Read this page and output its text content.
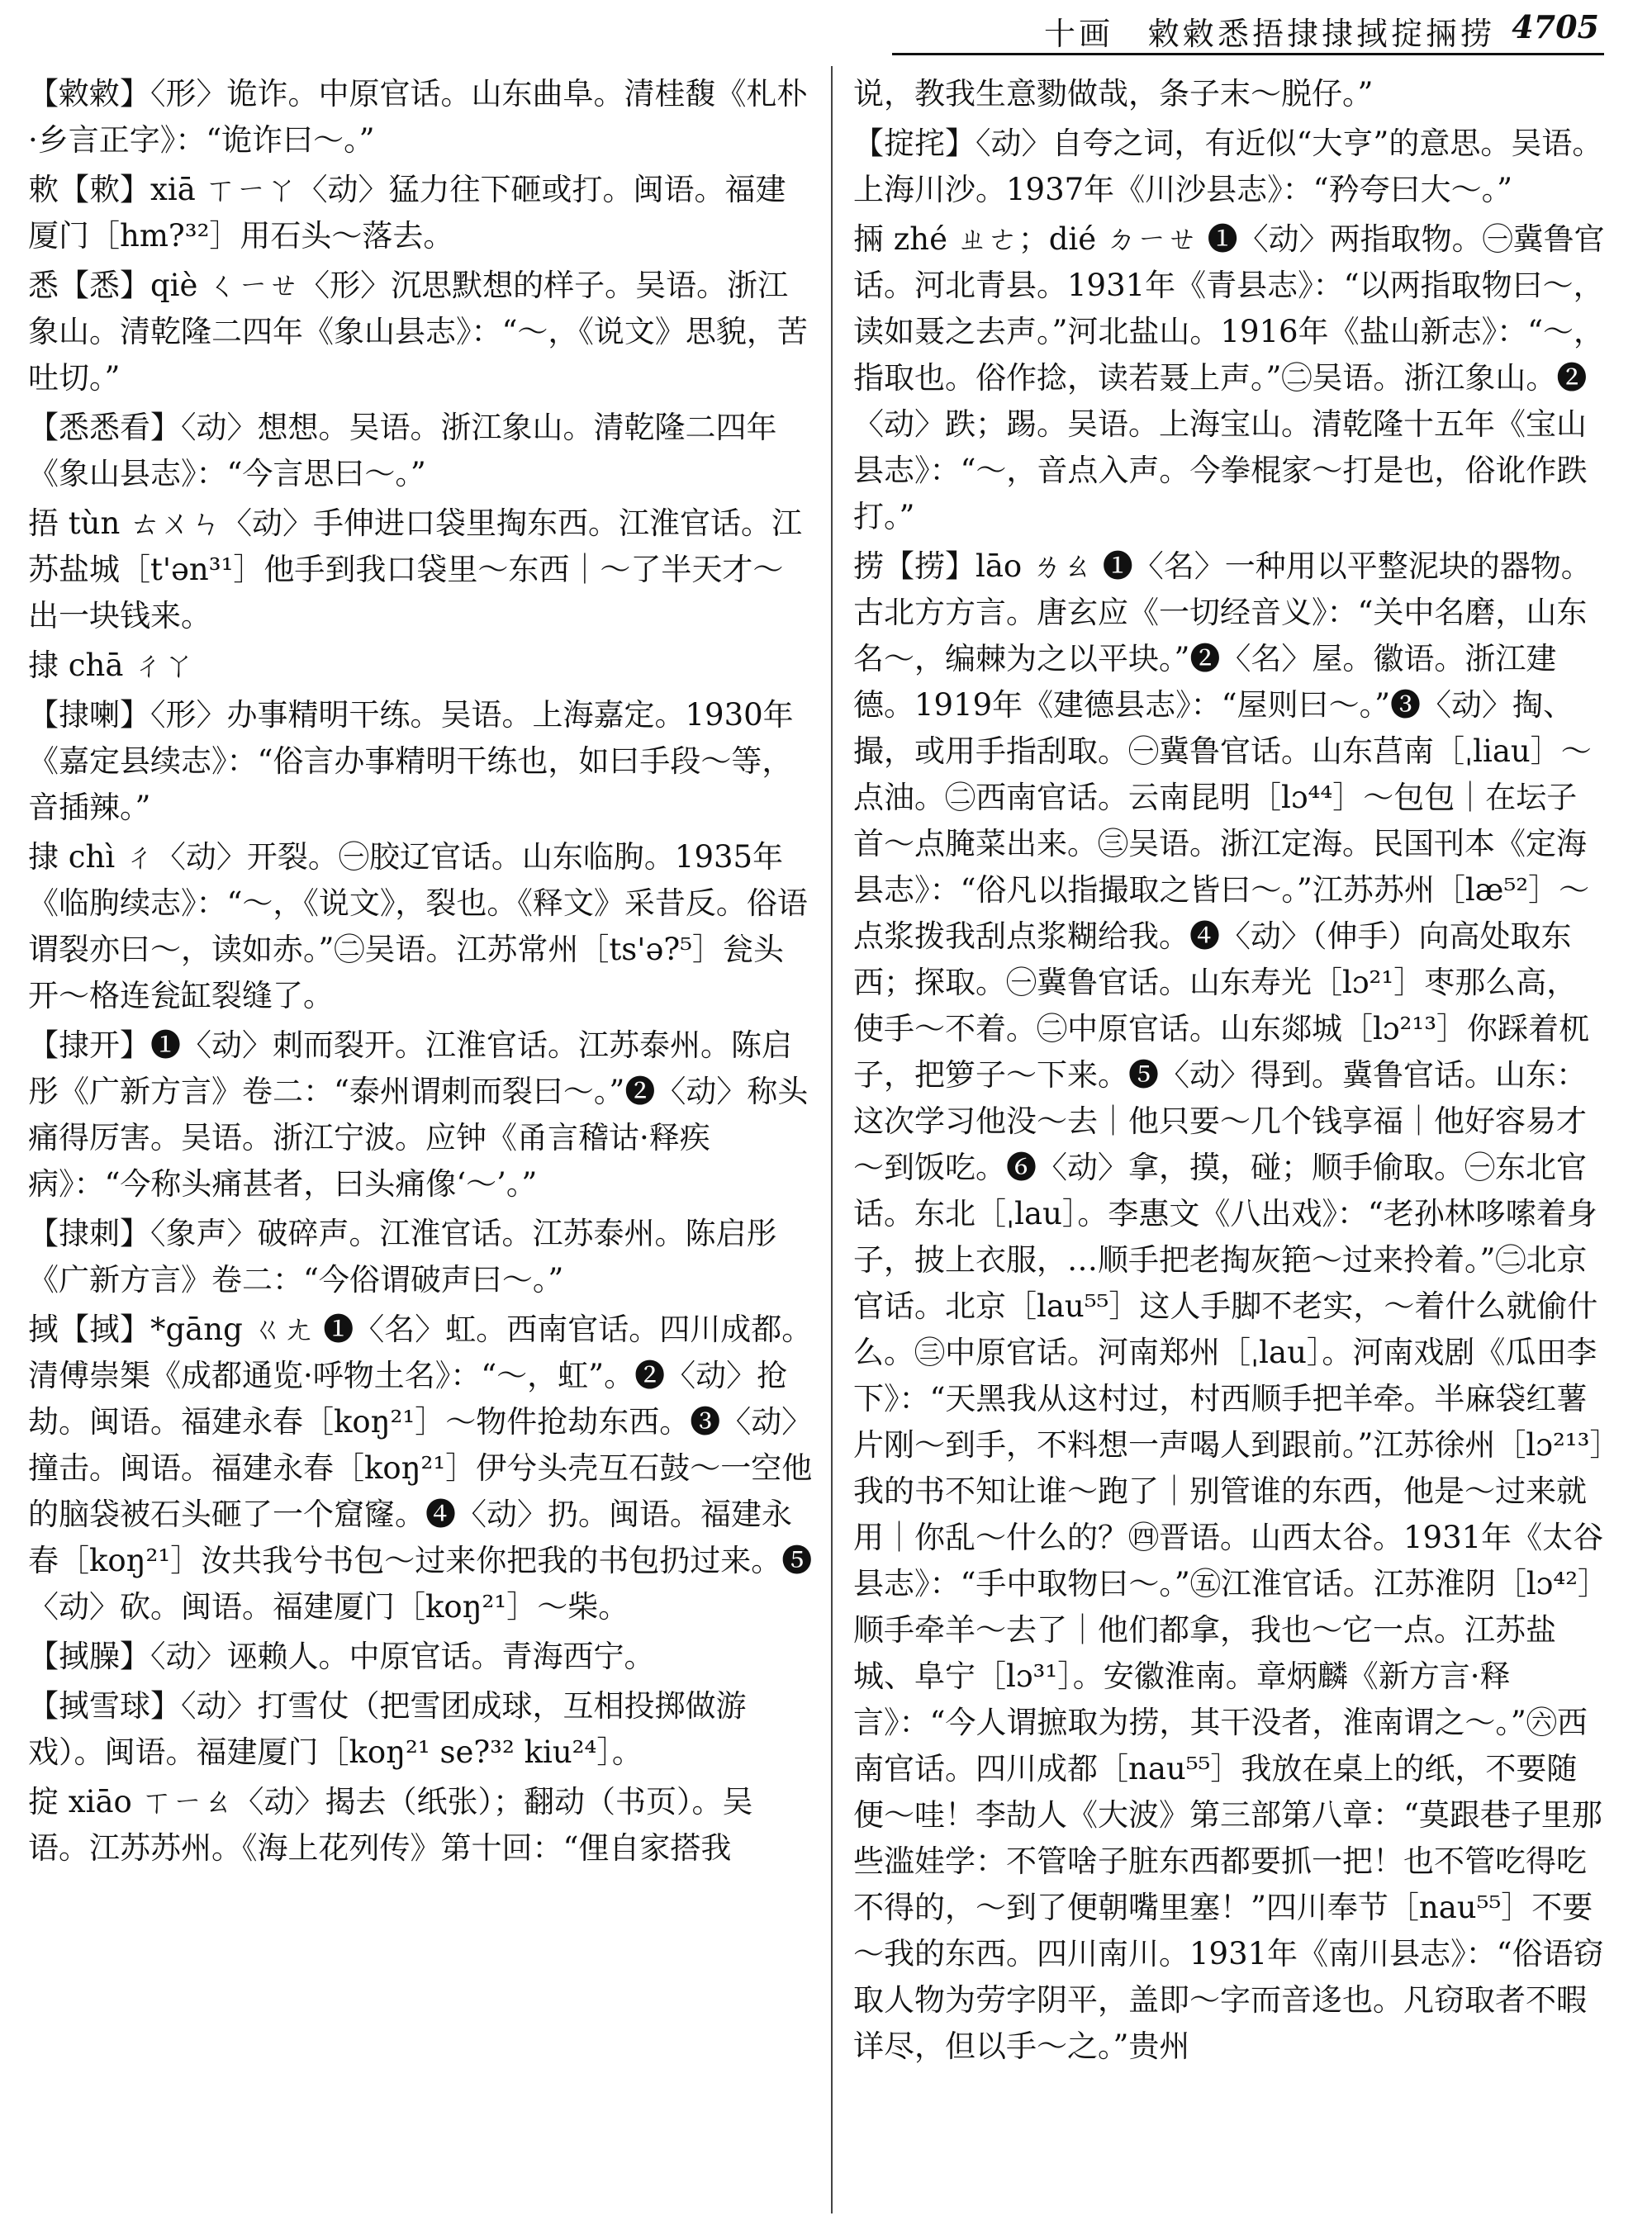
十画　敹敹悉捂捸捸掝掟掚捞 4705

【敹敹】〈形〉诡诈。中原官话。山东曲阜。清桂馥《札朴·乡言正字》：“诡诈曰～。”

欶【欶】xiā ㄒㄧㄚ〈动〉猛力往下砸或打。闽语。福建厦门［hm?³²］用石头～落去。

悉【悉】qiè ㄑㄧㄝ〈形〉沉思默想的样子。吴语。浙江象山。清乾隆二四年《象山县志》：“～，《说文》思貌，苦吐切。”

【悉悉看】〈动〉想想。吴语。浙江象山。清乾隆二四年《象山县志》：“今言思曰～。”

捂 tùn ㄊㄨㄣ〈动〉手伸进口袋里掏东西。江淮官话。江苏盐城［t'ən³¹］他手到我口袋里～东西｜～了半天才～出一块钱来。

捸 chā ㄔㄚ

【捸喇】〈形〉办事精明干练。吴语。上海嘉定。1930年《嘉定县续志》：“俗言办事精明干练也，如曰手段～等，音插辣。”

捸 chì ㄔ〈动〉开裂。㊀胶辽官话。山东临朐。1935年《临朐续志》：“～，《说文》，裂也。《释文》采昔反。俗语谓裂亦曰～，读如赤。”㊁吴语。江苏常州［ts'ə?⁵］瓮头开～格连瓮缸裂缝了。

【捸开】❶〈动〉刺而裂开。江淮官话。江苏泰州。陈启彤《广新方言》卷二：“泰州谓刺而裂曰～。”❷〈动〉称头痛得厉害。吴语。浙江宁波。应钟《甬言稽诂·释疾病》：“今称头痛甚者，曰头痛像‘～’。”

【捸刺】〈象声〉破碎声。江淮官话。江苏泰州。陈启彤《广新方言》卷二：“今俗谓破声曰～。”

掝【掝】*gāng ㄍㄤ ❶〈名〉虹。西南官话。四川成都。清傅崇榘《成都通览·呼物土名》：“～，虹”。❷〈动〉抢劫。闽语。福建永春［koŋ²¹］～物件抢劫东西。❸〈动〉撞击。闽语。福建永春［koŋ²¹］伊兮头壳互石鼓～一空他的脑袋被石头砸了一个窟窿。❹〈动〉扔。闽语。福建永春［koŋ²¹］汝共我兮书包～过来你把我的书包扔过来。❺〈动〉砍。闽语。福建厦门［koŋ²¹］～柴。

【掝臊】〈动〉诬赖人。中原官话。青海西宁。

【掝雪球】〈动〉打雪仗（把雪团成球，互相投掷做游戏）。闽语。福建厦门［koŋ²¹ se?³² kiu²⁴］。

掟 xiāo ㄒㄧㄠ〈动〉揭去（纸张）；翻动（书页）。吴语。江苏苏州。《海上花列传》第十回：“俚自家搭我

说，教我生意勠做哉，条子末～脱仔。”

【掟挓】〈动〉自夸之词，有近似“大亨”的意思。吴语。上海川沙。1937年《川沙县志》：“矜夸曰大～。”

掚 zhé ㄓㄜ；dié ㄉㄧㄝ ❶〈动〉两指取物。㊀冀鲁官话。河北青县。1931年《青县志》：“以两指取物曰～，读如聂之去声。”河北盐山。1916年《盐山新志》：“～，指取也。俗作捻，读若聂上声。”㊁吴语。浙江象山。❷〈动〉跌；踢。吴语。上海宝山。清乾隆十五年《宝山县志》：“～，音点入声。今拳棍家～打是也，俗讹作跌打。”

捞【捞】lāo ㄌㄠ ❶〈名〉一种用以平整泥块的器物。古北方方言。唐玄应《一切经音义》：“关中名磨，山东名～，编棘为之以平块。”❷〈名〉屋。徽语。浙江建德。1919年《建德县志》：“屋则曰～。”❸〈动〉掏、撮，或用手指刮取。㊀冀鲁官话。山东莒南［ˌliau］～点油。㊁西南官话。云南昆明［lɔ⁴⁴］～包包｜在坛子首～点腌菜出来。㊂吴语。浙江定海。民国刊本《定海县志》：“俗凡以指撮取之皆曰～。”江苏苏州［læ⁵²］～点浆拨我刮点浆糊给我。❹〈动〉（伸手）向高处取东西；探取。㊀冀鲁官话。山东寿光［lɔ²¹］枣那么高，使手～不着。㊁中原官话。山东郯城［lɔ²¹³］你踩着杌子，把箩子～下来。❺〈动〉得到。冀鲁官话。山东：这次学习他没～去｜他只要～几个钱享福｜他好容易才～到饭吃。❻〈动〉拿，摸，碰；顺手偷取。㊀东北官话。东北［ˌlau］。李惠文《八出戏》：“老孙林哆嗦着身子，披上衣服，…顺手把老掏灰筢～过来拎着。”㊁北京官话。北京［lau⁵⁵］这人手脚不老实，～着什么就偷什么。㊂中原官话。河南郑州［ˌlau］。河南戏剧《瓜田李下》：“天黑我从这村过，村西顺手把羊牵。半麻袋红薯片刚～到手，不料想一声喝人到跟前。”江苏徐州［lɔ²¹³］我的书不知让谁～跑了｜别管谁的东西，他是～过来就用｜你乱～什么的？㊃晋语。山西太谷。1931年《太谷县志》：“手中取物曰～。”㊄江淮官话。江苏淮阴［lɔ⁴²］顺手牵羊～去了｜他们都拿，我也～它一点。江苏盐城、阜宁［lɔ³¹］。安徽淮南。章炳麟《新方言·释言》：“今人谓摭取为捞，其干没者，淮南谓之～。”㊅西南官话。四川成都［nau⁵⁵］我放在桌上的纸，不要随便～哇！李劼人《大波》第三部第八章：“莫跟巷子里那些滥娃学：不管啥子脏东西都要抓一把！也不管吃得吃不得的，～到了便朝嘴里塞！”四川奉节［nau⁵⁵］不要～我的东西。四川南川。1931年《南川县志》：“俗语窃取人物为劳字阴平，盖即～字而音迻也。凡窃取者不暇详尽，但以手～之。”贵州
